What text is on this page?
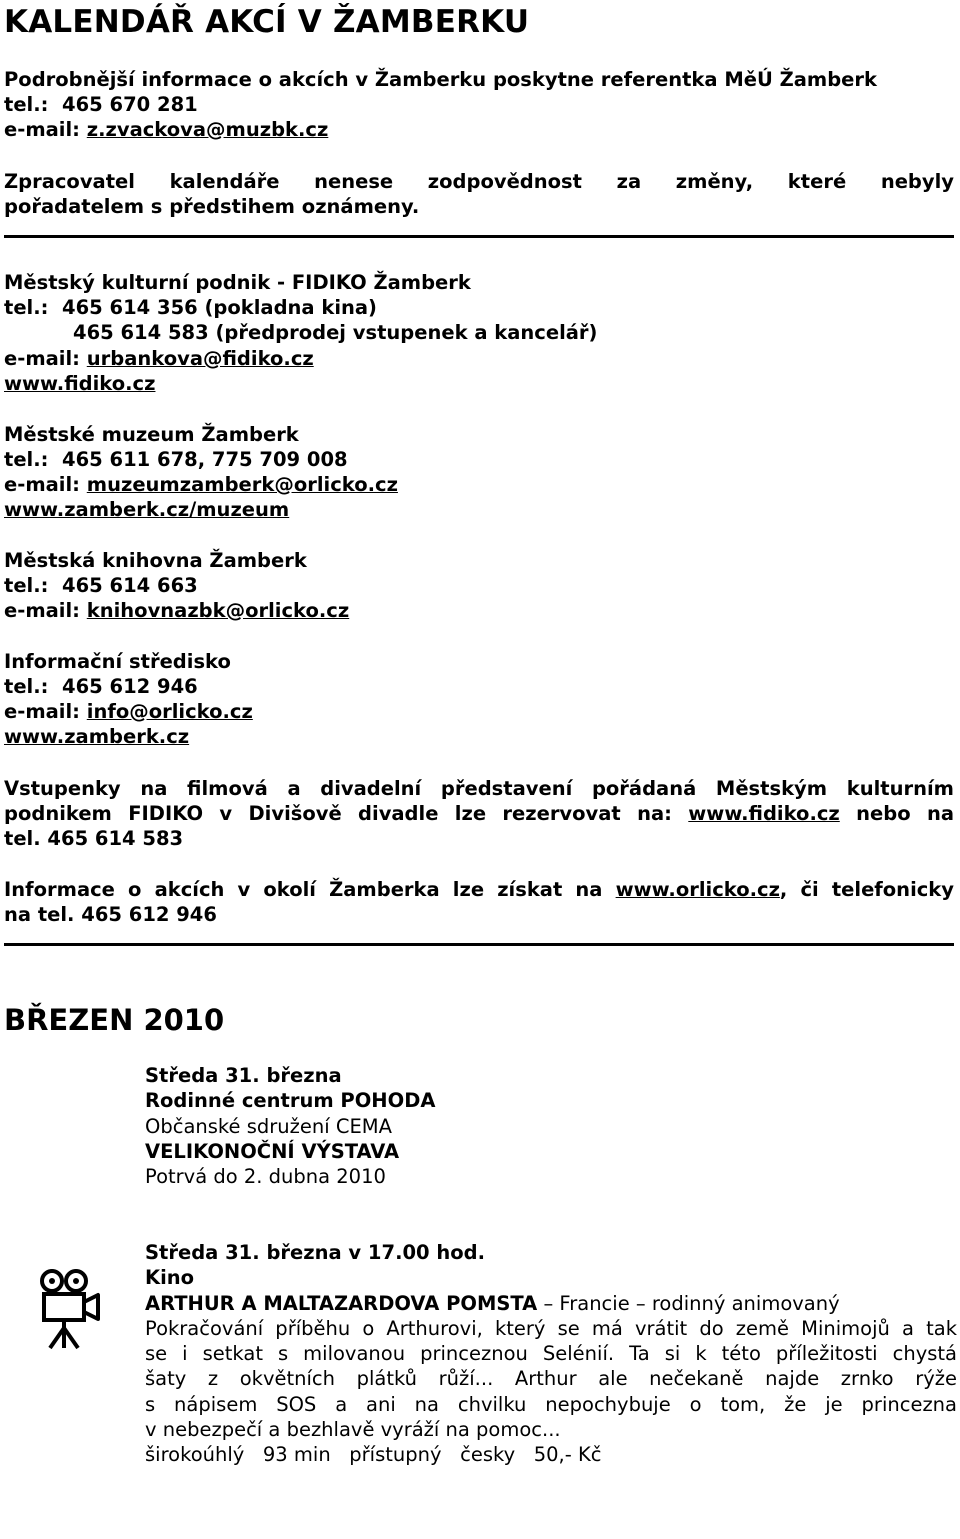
KALENDÁŘ AKCÍ V ŽAMBERKU
Podrobnější informace o akcích v Žamberku poskytne referentka MěÚ Žamberk
tel.: 465 670 281
e-mail: z.zvackova@muzbk.cz
Zpracovatel kalendáře nenese zodpovědnost za změny, které nebyly
pořadatelem s předstihem oznámeny.
Městský kulturní podnik - FIDIKO Žamberk
tel.: 465 614 356 (pokladna kina)
465 614 583 (předprodej vstupenek a kancelář)
e-mail: urbankova@fidiko.cz
www.fidiko.cz
Městské muzeum Žamberk
tel.: 465 611 678, 775 709 008
e-mail: muzeumzamberk@orlicko.cz
www.zamberk.cz/muzeum
Městská knihovna Žamberk
tel.: 465 614 663
e-mail: knihovnazbk@orlicko.cz
Informační středisko
tel.: 465 612 946
e-mail: info@orlicko.cz
www.zamberk.cz
Vstupenky na filmová a divadelní představení pořádaná Městským kulturním
podnikem FIDIKO v Divišově divadle lze rezervovat na: www.fidiko.cz nebo na
tel. 465 614 583
Informace o akcích v okolí Žamberka lze získat na www.orlicko.cz, či telefonicky
na tel. 465 612 946
BŘEZEN 2010
Středa 31. března
Rodinné centrum POHODA
Občanské sdružení CEMA
VELIKONOČNÍ VÝSTAVA
Potrvá do 2. dubna 2010
Středa 31. března v 17.00 hod.
Kino
ARTHUR A MALTAZARDOVA POMSTA – Francie – rodinný animovaný
Pokračování příběhu o Arthurovi, který se má vrátit do země Minimojů a tak
se i setkat s milovanou princeznou Selénií. Ta si k této příležitosti chystá
šaty z okvětních plátků růží... Arthur ale nečekaně najde zrnko rýže
s nápisem SOS a ani na chvilku nepochybuje o tom, že je princezna
v nebezpečí a bezhlavě vyráží na pomoc...
širokoúhlý   93 min   přístupný   česky   50,- Kč
